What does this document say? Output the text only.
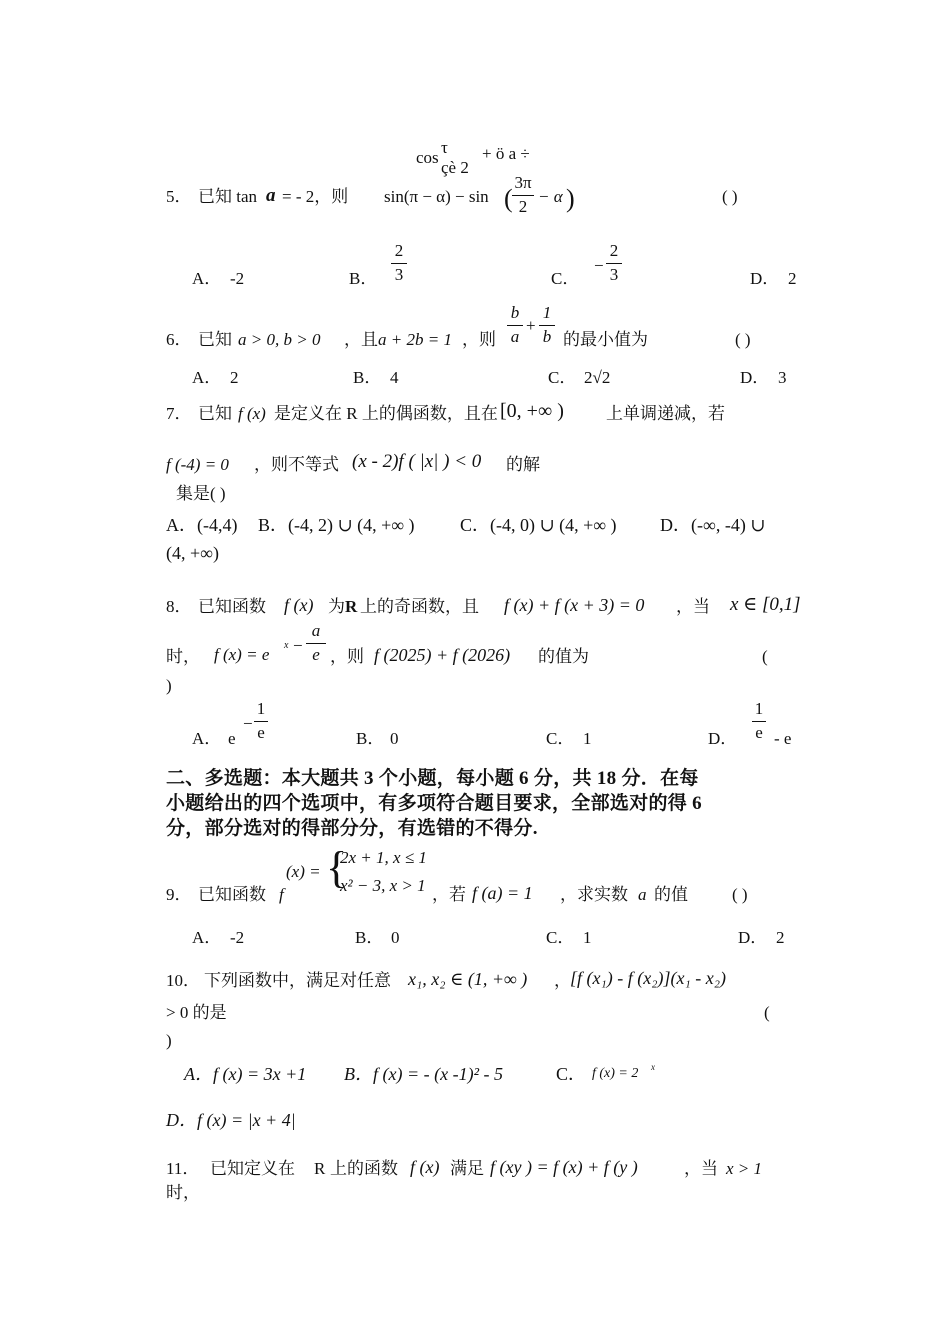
cos
τ
çè 2
+ ö a ÷
5． 已知 tan a = - 2，则 sin(π − α) − sin (
3π
2
− α )	( )
A． -2	B．
2
3	C．
−
2
3	D． 2
6． 已知 a > 0, b > 0 ，且 a + 2b = 1 ，则
b
a
+
1
b 的最小值为	( )
A． 2	B． 4	C． 2√2	D． 3
7． 已知 f (x) 是定义在 R 上的偶函数，且在 [0, +∞ ) 上单调递减，若
f (-4) = 0 ，则不等式 (x - 2)f ( |x| ) < 0 的解
集是( )
A．(-4,4) B．(-4, 2) ∪ (4, +∞ )	C．(-4, 0) ∪ (4, +∞ ) D．(-∞, -4) ∪
(4, +∞)
8． 已知函数 f (x) 为 R 上的奇函数，且 f (x) + f (x + 3) = 0 ，当 x ∈ [0,1]
时， f (x) = e x −
a
e ，则 f (2025) + f (2026) 的值为	(
)
A． e
−
1
e	B． 0	C． 1	D．
1
e - e
二、多选题：本大题共 3 个小题，每小题 6 分，共 18 分．在每
小题给出的四个选项中，有多项符合题目要求，全部选对的得 6
分，部分选对的得部分分，有选错的不得分.
9． 已知函数 f
(x) = {
2x + 1, x ≤ 1
x² − 3, x > 1 ，若 f (a) = 1 ，求实数 a 的值	( )
A． -2	B． 0	C． 1	D． 2
10． 下列函数中，满足对任意 x₁, x₂ ∈ (1, +∞ ) ， [f (x₁) - f (x₂)](x₁ - x₂)
> 0 的是	(
)
A．f (x) = 3x +1 B．f (x) = - (x -1)² - 5	C． f (x) = 2 x
D．f (x) = |x + 4|
11． 已知定义在 R 上的函数 f (x) 满足 f (xy ) = f (x) + f (y )	，当 x > 1
时，
